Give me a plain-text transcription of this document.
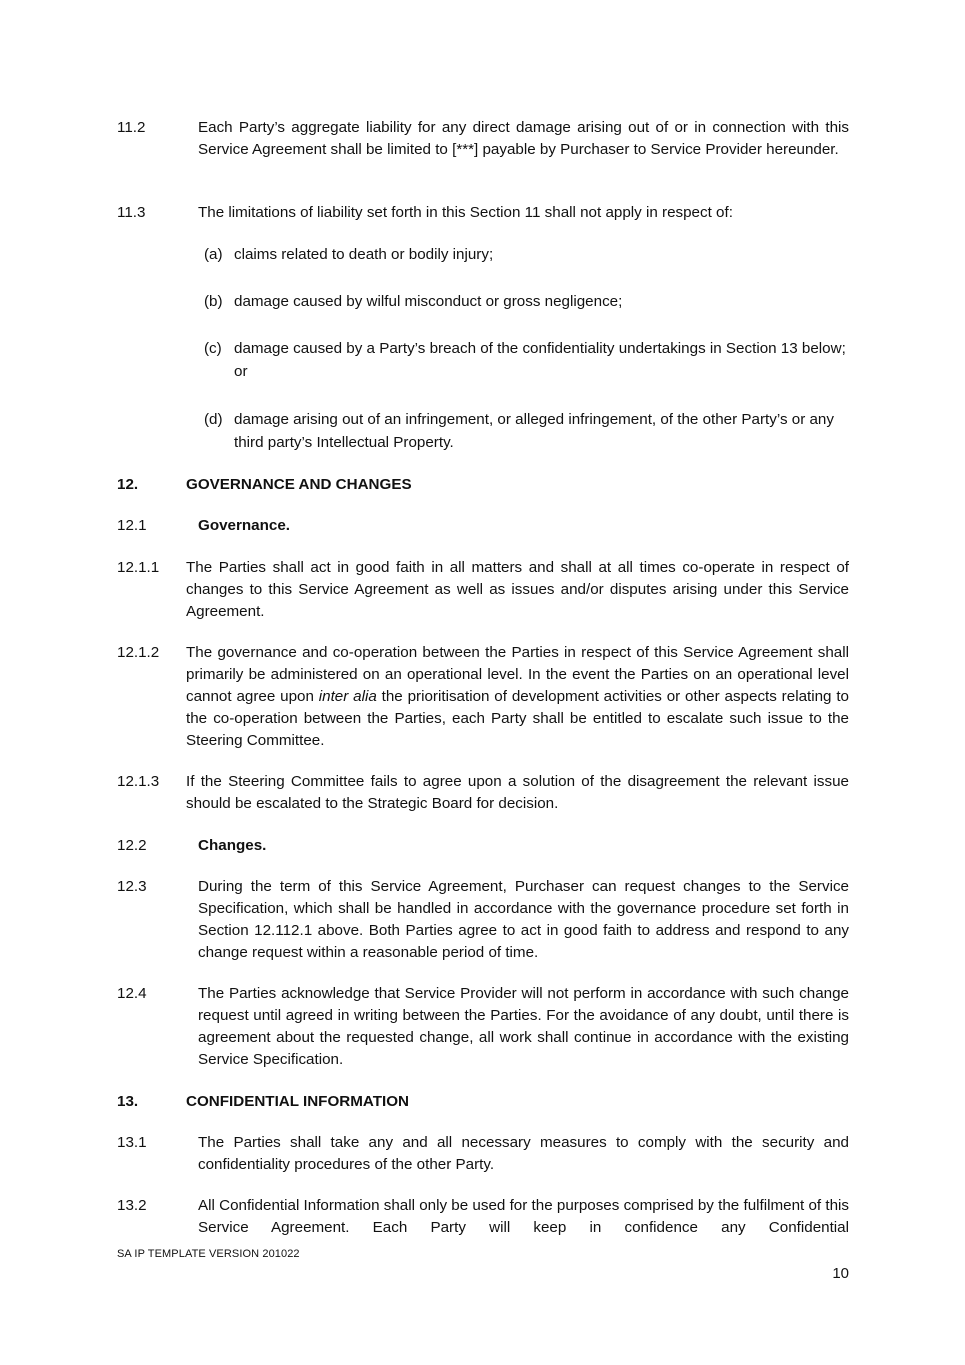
11.2	Each Party’s aggregate liability for any direct damage arising out of or in connection with this Service Agreement shall be limited to [***] payable by Purchaser to Service Provider hereunder.
11.3	The limitations of liability set forth in this Section 11 shall not apply in respect of:
(a) claims related to death or bodily injury;
(b) damage caused by wilful misconduct or gross negligence;
(c) damage caused by a Party’s breach of the confidentiality undertakings in Section 13 below; or
(d) damage arising out of an infringement, or alleged infringement, of the other Party’s or any third party’s Intellectual Property.
12.	GOVERNANCE AND CHANGES
12.1	Governance.
12.1.1 The Parties shall act in good faith in all matters and shall at all times co-operate in respect of changes to this Service Agreement as well as issues and/or disputes arising under this Service Agreement.
12.1.2 The governance and co-operation between the Parties in respect of this Service Agreement shall primarily be administered on an operational level. In the event the Parties on an operational level cannot agree upon inter alia the prioritisation of development activities or other aspects relating to the co-operation between the Parties, each Party shall be entitled to escalate such issue to the Steering Committee.
12.1.3 If the Steering Committee fails to agree upon a solution of the disagreement the relevant issue should be escalated to the Strategic Board for decision.
12.2	Changes.
12.3	During the term of this Service Agreement, Purchaser can request changes to the Service Specification, which shall be handled in accordance with the governance procedure set forth in Section 12.112.1 above. Both Parties agree to act in good faith to address and respond to any change request within a reasonable period of time.
12.4	The Parties acknowledge that Service Provider will not perform in accordance with such change request until agreed in writing between the Parties. For the avoidance of any doubt, until there is agreement about the requested change, all work shall continue in accordance with the existing Service Specification.
13.	CONFIDENTIAL INFORMATION
13.1	The Parties shall take any and all necessary measures to comply with the security and confidentiality procedures of the other Party.
13.2	All Confidential Information shall only be used for the purposes comprised by the fulfilment of this Service Agreement. Each Party will keep in confidence any Confidential
SA IP TEMPLATE VERSION 201022
10
